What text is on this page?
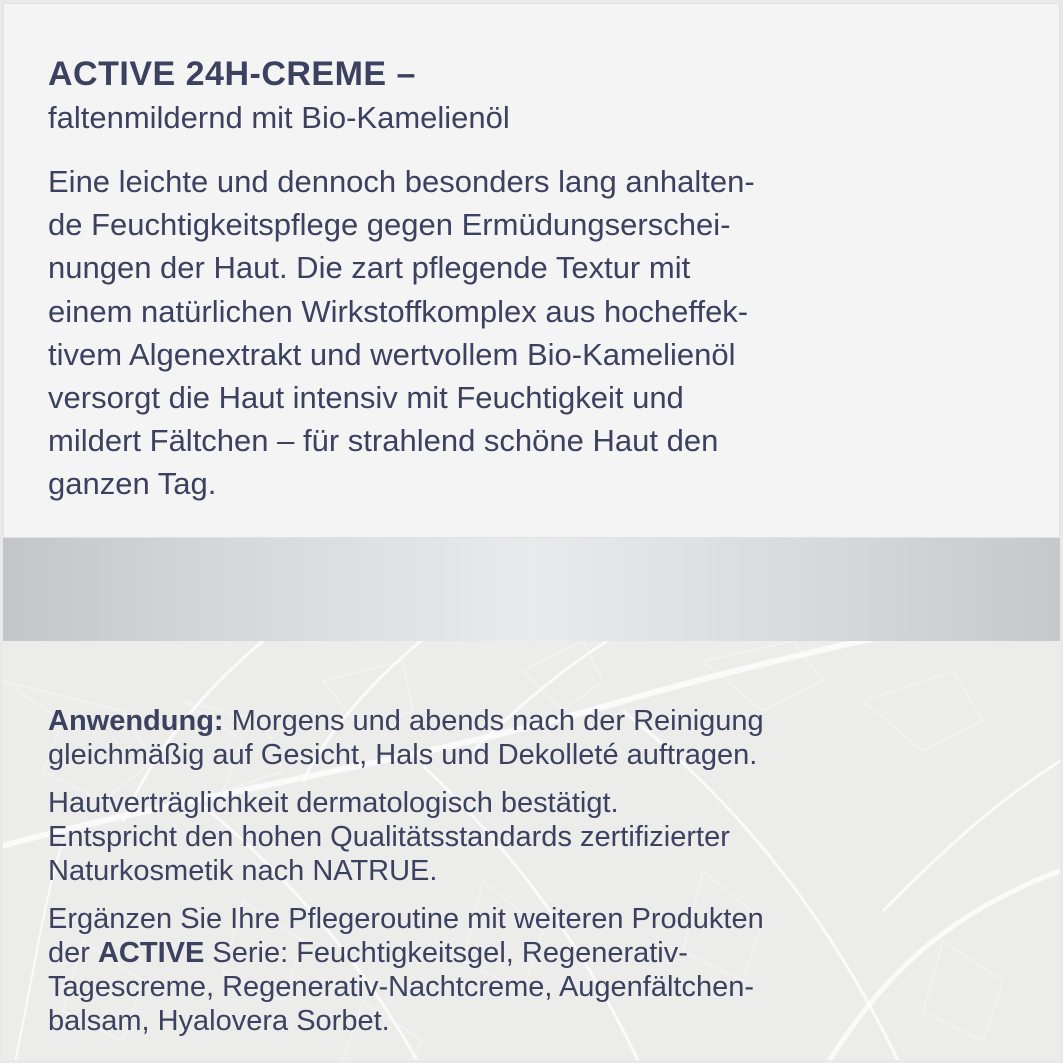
ACTIVE 24H-CREME –

faltenmildernd mit Bio-Kamelienöl

Eine leichte und dennoch besonders lang anhalten-
de Feuchtigkeitspflege gegen Ermüdungserschei-
nungen der Haut. Die zart pflegende Textur mit
einem natürlichen Wirkstoffkomplex aus hocheffek-
tivem Algenextrakt und wertvollem Bio-Kamelienöl
versorgt die Haut intensiv mit Feuchtigkeit und
mildert Fältchen – für strahlend schöne Haut den
ganzen Tag.

Anwendung: Morgens und abends nach der Reinigung
gleichmäßig auf Gesicht, Hals und Dekolleté auftragen.

Hautverträglichkeit dermatologisch bestätigt.
Entspricht den hohen Qualitätsstandards zertifizierter
Naturkosmetik nach NATRUE.

Ergänzen Sie Ihre Pflegeroutine mit weiteren Produkten
der ACTIVE Serie: Feuchtigkeitsgel, Regenerativ-
Tagescreme, Regenerativ-Nachtcreme, Augenfältchen-
balsam, Hyalovera Sorbet.
